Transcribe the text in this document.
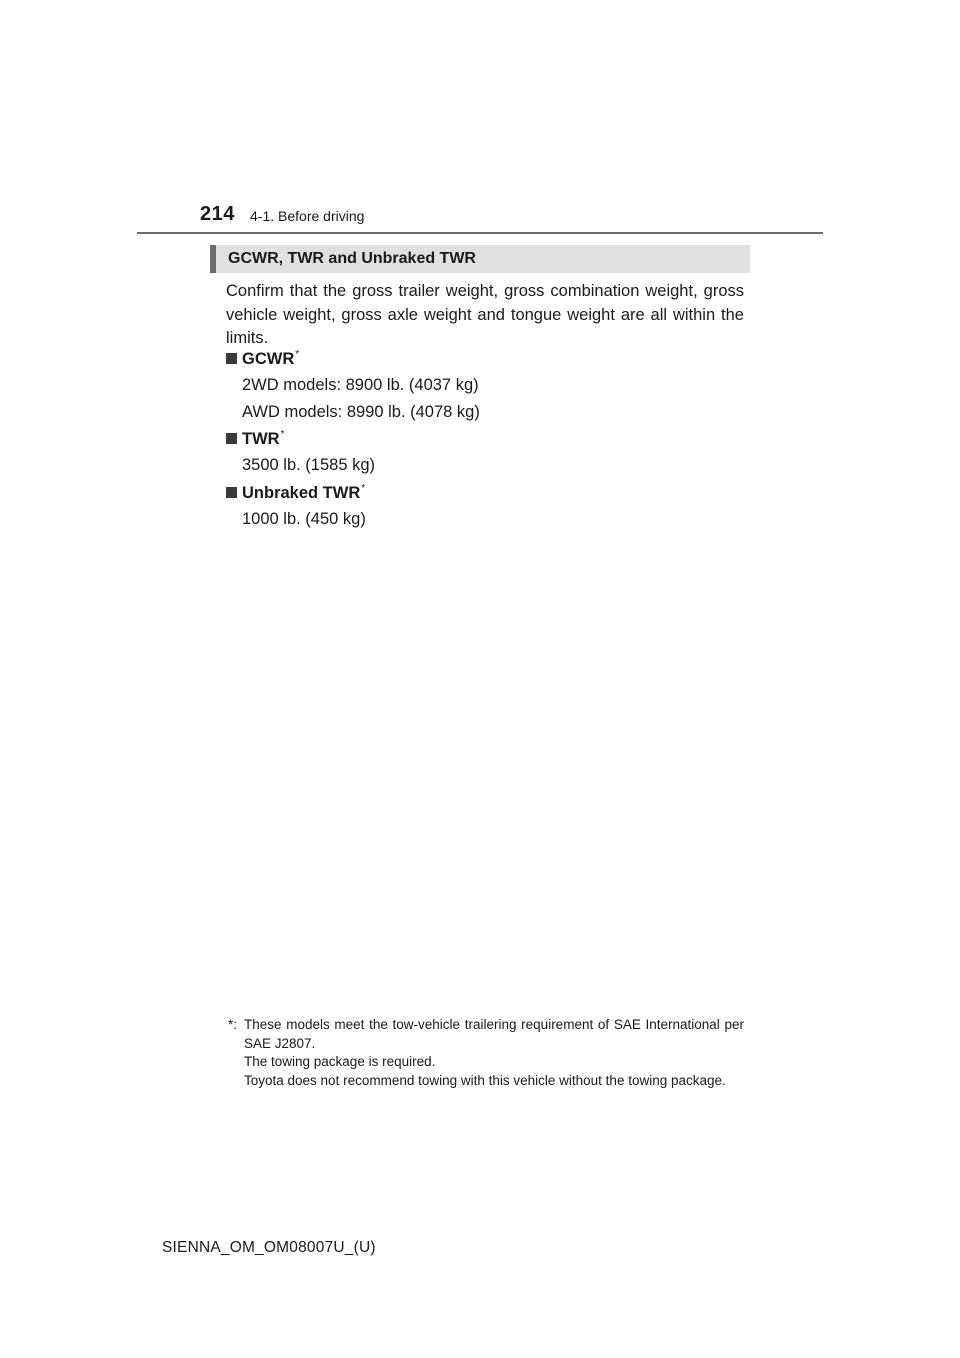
214 4-1. Before driving
GCWR, TWR and Unbraked TWR
Confirm that the gross trailer weight, gross combination weight, gross vehicle weight, gross axle weight and tongue weight are all within the limits.
GCWR*
2WD models: 8900 lb. (4037 kg)
AWD models: 8990 lb. (4078 kg)
TWR*
3500 lb. (1585 kg)
Unbraked TWR*
1000 lb. (450 kg)
*: These models meet the tow-vehicle trailering requirement of SAE International per SAE J2807.
The towing package is required.
Toyota does not recommend towing with this vehicle without the towing package.
SIENNA_OM_OM08007U_(U)
